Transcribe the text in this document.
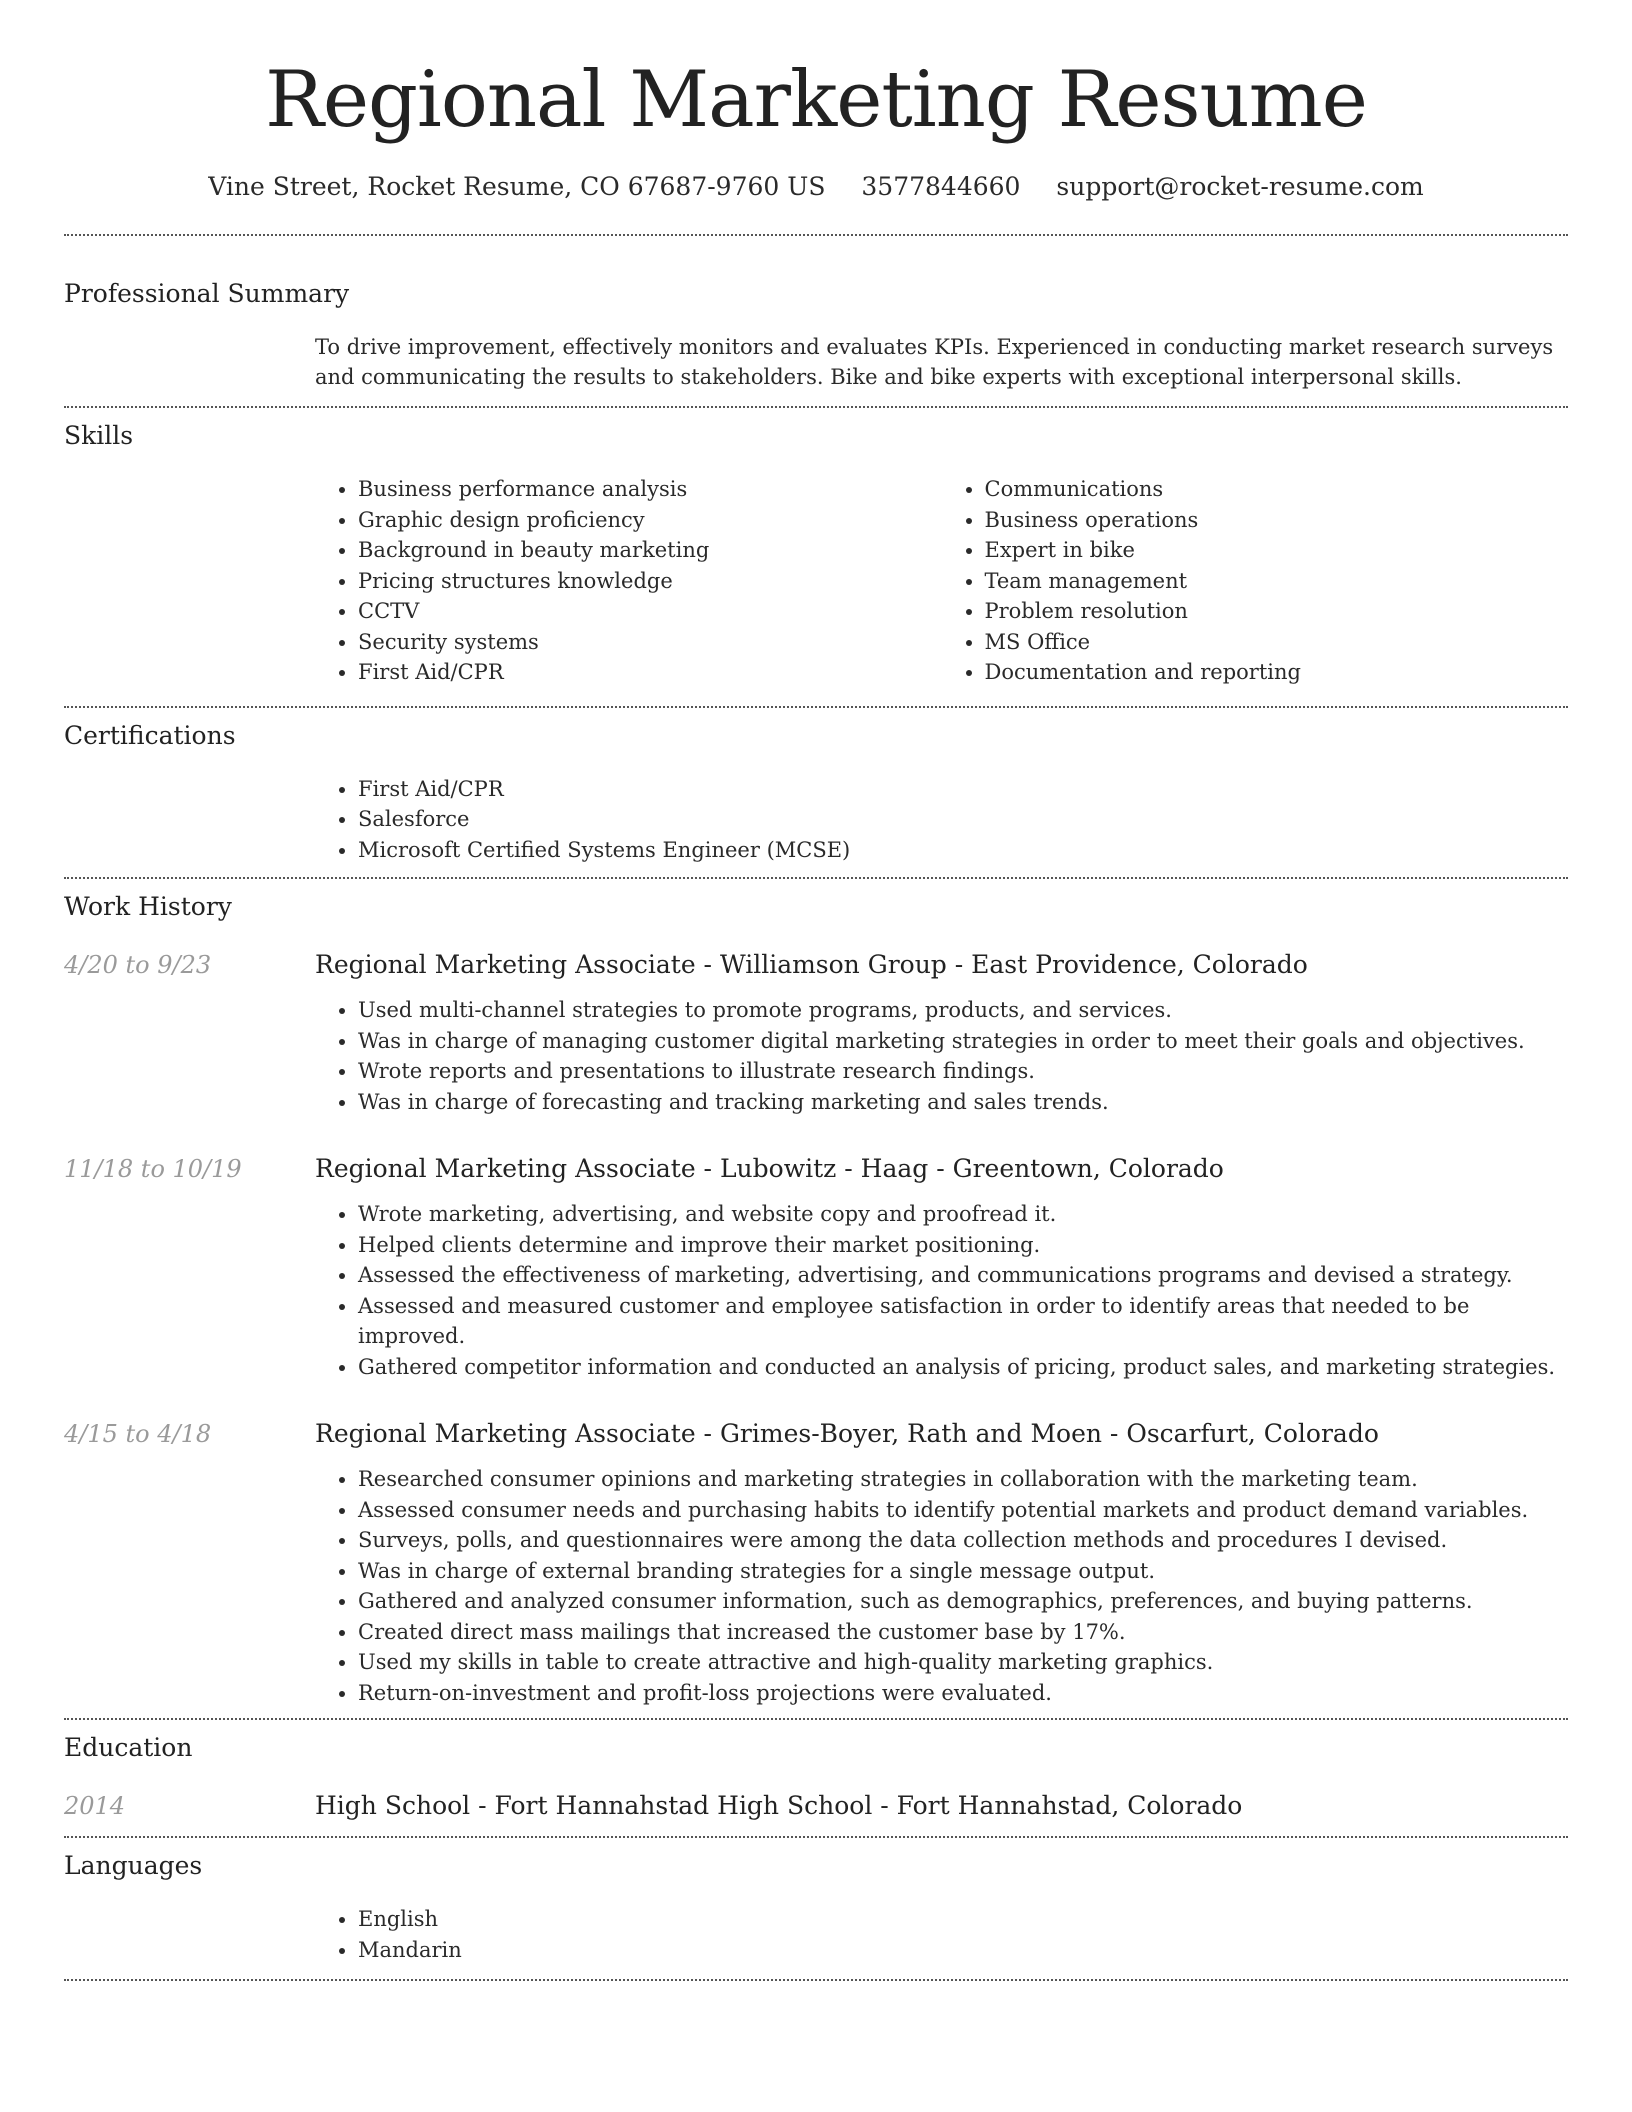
Regional Marketing Resume
Vine Street, Rocket Resume, CO 67687-9760 US 3577844660 support@rocket-resume.com
Professional Summary
To drive improvement, effectively monitors and evaluates KPIs. Experienced in conducting market research surveys and communicating the results to stakeholders. Bike and bike experts with exceptional interpersonal skills.
Skills
• Business performance analysis
• Graphic design proficiency
• Background in beauty marketing
• Pricing structures knowledge
• CCTV
• Security systems
• First Aid/CPR
• Communications
• Business operations
• Expert in bike
• Team management
• Problem resolution
• MS Office
• Documentation and reporting
Certifications
• First Aid/CPR
• Salesforce
• Microsoft Certified Systems Engineer (MCSE)
Work History
4/20 to 9/23	Regional Marketing Associate - Williamson Group - East Providence, Colorado
• Used multi-channel strategies to promote programs, products, and services.
• Was in charge of managing customer digital marketing strategies in order to meet their goals and objectives.
• Wrote reports and presentations to illustrate research findings.
• Was in charge of forecasting and tracking marketing and sales trends.
11/18 to 10/19	Regional Marketing Associate - Lubowitz - Haag - Greentown, Colorado
• Wrote marketing, advertising, and website copy and proofread it.
• Helped clients determine and improve their market positioning.
• Assessed the effectiveness of marketing, advertising, and communications programs and devised a strategy.
• Assessed and measured customer and employee satisfaction in order to identify areas that needed to be improved.
• Gathered competitor information and conducted an analysis of pricing, product sales, and marketing strategies.
4/15 to 4/18	Regional Marketing Associate - Grimes-Boyer, Rath and Moen - Oscarfurt, Colorado
• Researched consumer opinions and marketing strategies in collaboration with the marketing team.
• Assessed consumer needs and purchasing habits to identify potential markets and product demand variables.
• Surveys, polls, and questionnaires were among the data collection methods and procedures I devised.
• Was in charge of external branding strategies for a single message output.
• Gathered and analyzed consumer information, such as demographics, preferences, and buying patterns.
• Created direct mass mailings that increased the customer base by 17%.
• Used my skills in table to create attractive and high-quality marketing graphics.
• Return-on-investment and profit-loss projections were evaluated.
Education
2014	High School - Fort Hannahstad High School - Fort Hannahstad, Colorado
Languages
• English
• Mandarin
